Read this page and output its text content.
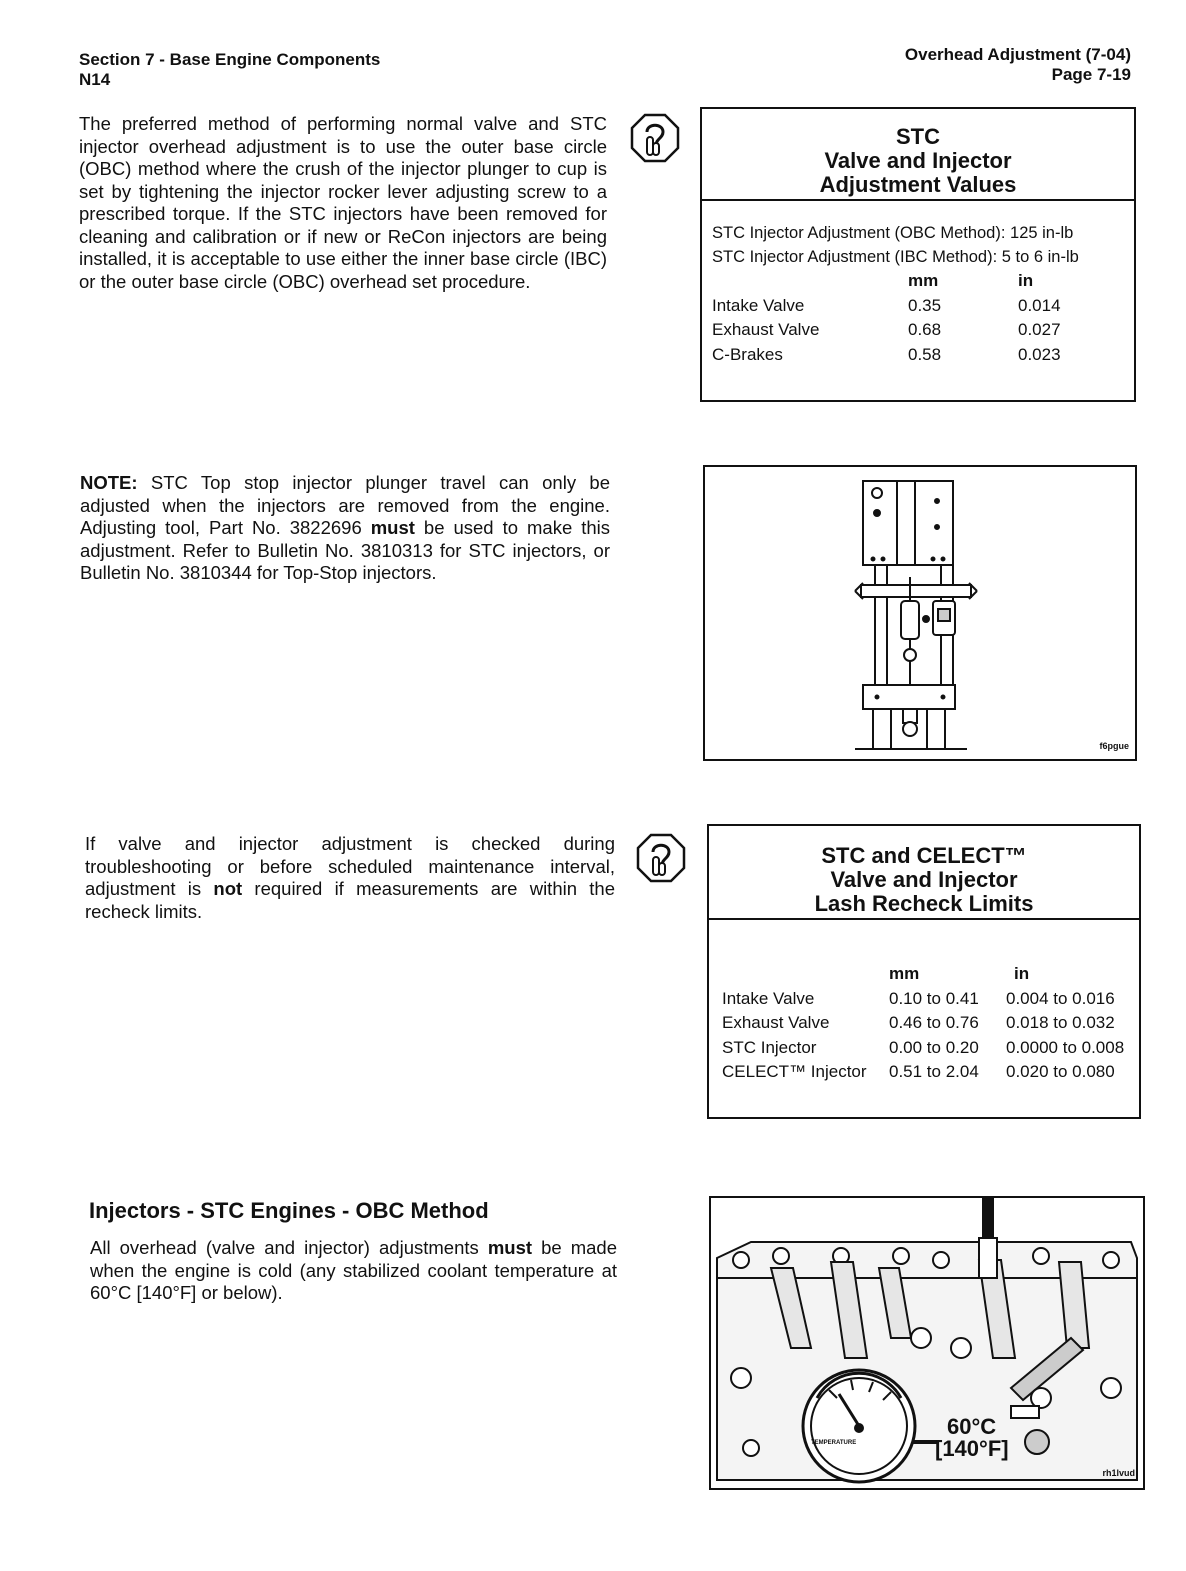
Section 7 - Base Engine Components
N14
Overhead Adjustment (7-04)
Page 7-19
The preferred method of performing normal valve and STC injector overhead adjustment is to use the outer base circle (OBC) method where the crush of the injector plunger to cup is set by tightening the injector rocker lever adjusting screw to a prescribed torque. If the STC injectors have been removed for cleaning and calibration or if new or ReCon injectors are being installed, it is acceptable to use either the inner base circle (IBC) or the outer base circle (OBC) overhead set procedure.
STC
Valve and Injector
Adjustment Values
STC Injector Adjustment (OBC Method): 125 in-lb
STC Injector Adjustment (IBC Method): 5 to 6 in-lb
	mm	in
Intake Valve	0.35	0.014
Exhaust Valve	0.68	0.027
C-Brakes	0.58	0.023
NOTE: STC Top stop injector plunger travel can only be adjusted when the injectors are removed from the engine. Adjusting tool, Part No. 3822696 must be used to make this adjustment. Refer to Bulletin No. 3810313 for STC injectors, or Bulletin No. 3810344 for Top-Stop injectors.
f6pgue
If valve and injector adjustment is checked during troubleshooting or before scheduled maintenance interval, adjustment is not required if measurements are within the recheck limits.
STC and CELECT™
Valve and Injector
Lash Recheck Limits
	mm	in
Intake Valve	0.10 to 0.41	0.004 to 0.016
Exhaust Valve	0.46 to 0.76	0.018 to 0.032
STC Injector	0.00 to 0.20	0.0000 to 0.008
CELECT™ Injector	0.51 to 2.04	0.020 to 0.080
Injectors - STC Engines - OBC Method
All overhead (valve and injector) adjustments must be made when the engine is cold (any stabilized coolant temperature at 60°C [140°F] or below).
TEMPERATURE
60°C
[140°F]
rh1lvud
